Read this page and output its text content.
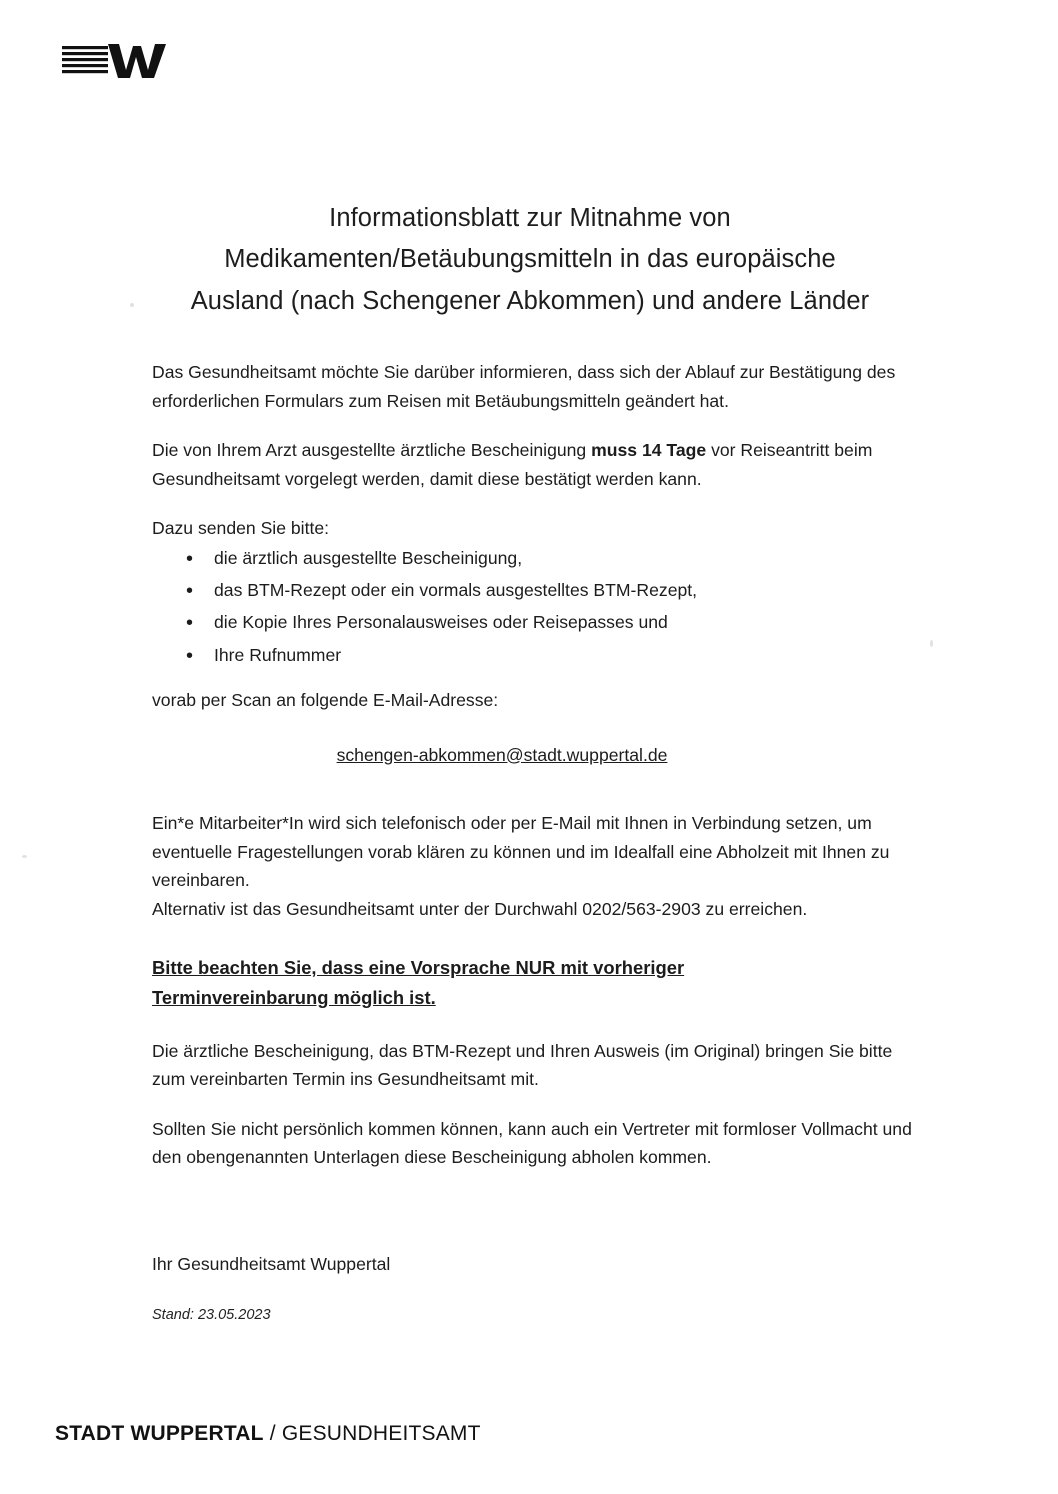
Informationsblatt zur Mitnahme von
Medikamenten/Betäubungsmitteln in das europäische
Ausland (nach Schengener Abkommen) und andere Länder

Das Gesundheitsamt möchte Sie darüber informieren, dass sich der Ablauf zur Bestätigung des erforderlichen Formulars zum Reisen mit Betäubungsmitteln geändert hat.

Die von Ihrem Arzt ausgestellte ärztliche Bescheinigung muss 14 Tage vor Reiseantritt beim Gesundheitsamt vorgelegt werden, damit diese bestätigt werden kann.

Dazu senden Sie bitte:

• die ärztlich ausgestellte Bescheinigung,
• das BTM-Rezept oder ein vormals ausgestelltes BTM-Rezept,
• die Kopie Ihres Personalausweises oder Reisepasses und
• Ihre Rufnummer

vorab per Scan an folgende E-Mail-Adresse:

schengen-abkommen@stadt.wuppertal.de

Ein*e Mitarbeiter*In wird sich telefonisch oder per E-Mail mit Ihnen in Verbindung setzen, um eventuelle Fragestellungen vorab klären zu können und im Idealfall eine Abholzeit mit Ihnen zu vereinbaren.

Alternativ ist das Gesundheitsamt unter der Durchwahl 0202/563-2903 zu erreichen.

Bitte beachten Sie, dass eine Vorsprache NUR mit vorheriger Terminvereinbarung möglich ist.

Die ärztliche Bescheinigung, das BTM-Rezept und Ihren Ausweis (im Original) bringen Sie bitte zum vereinbarten Termin ins Gesundheitsamt mit.

Sollten Sie nicht persönlich kommen können, kann auch ein Vertreter mit formloser Vollmacht und den obengenannten Unterlagen diese Bescheinigung abholen kommen.

Ihr Gesundheitsamt Wuppertal

Stand: 23.05.2023

STADT WUPPERTAL / GESUNDHEITSAMT
